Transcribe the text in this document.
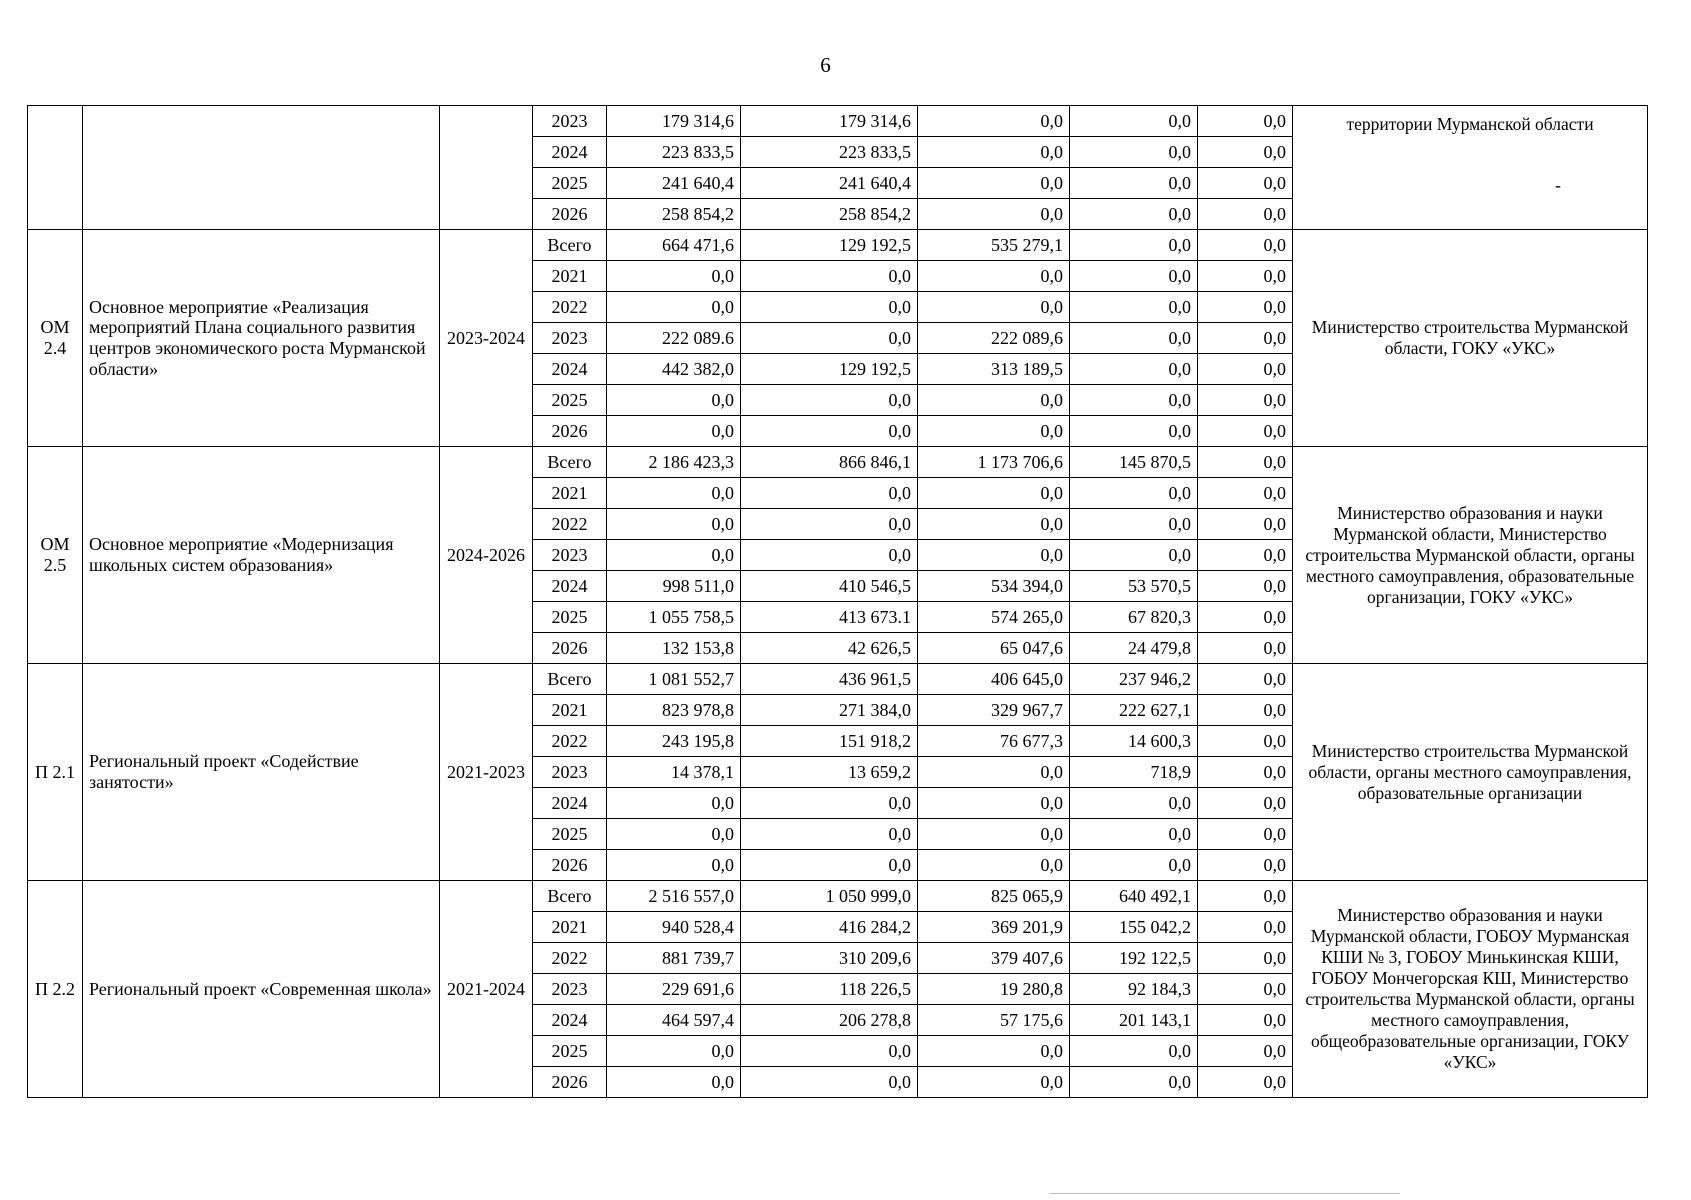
6
			2023	179 314,6	179 314,6	0,0	0,0	0,0	территории Мурманской области
-

			2024	223 833,5	223 833,5	0,0	0,0	0,0	
			2025	241 640,4	241 640,4	0,0	0,0	0,0	
			2026	258 854,2	258 854,2	0,0	0,0	0,0	
ОМ 2.4	Основное мероприятие «Реализация мероприятий Плана социального развития центров экономического роста Мурманской области»	2023-2024	Всего	664 471,6	129 192,5	535 279,1	0,0	0,0	Министерство строительства Мурманской области, ГОКУ «УКС»
			2021	0,0	0,0	0,0	0,0	0,0	
			2022	0,0	0,0	0,0	0,0	0,0	
			2023	222 089.6	0,0	222 089,6	0,0	0,0	
			2024	442 382,0	129 192,5	313 189,5	0,0	0,0	
			2025	0,0	0,0	0,0	0,0	0,0	
			2026	0,0	0,0	0,0	0,0	0,0	
ОМ 2.5	Основное мероприятие «Модернизация школьных систем образования»	2024-2026	Всего	2 186 423,3	866 846,1	1 173 706,6	145 870,5	0,0	Министерство образования и науки Мурманской области, Министерство строительства Мурманской области, органы местного самоуправления, образовательные организации, ГОКУ «УКС»
			2021	0,0	0,0	0,0	0,0	0,0	
			2022	0,0	0,0	0,0	0,0	0,0	
			2023	0,0	0,0	0,0	0,0	0,0	
			2024	998 511,0	410 546,5	534 394,0	53 570,5	0,0	
			2025	1 055 758,5	413 673.1	574 265,0	67 820,3	0,0	
			2026	132 153,8	42 626,5	65 047,6	24 479,8	0,0	
П 2.1	Региональный проект «Содействие занятости»	2021-2023	Всего	1 081 552,7	436 961,5	406 645,0	237 946,2	0,0	Министерство строительства Мурманской области, органы местного самоуправления, образовательные организации
			2021	823 978,8	271 384,0	329 967,7	222 627,1	0,0	
			2022	243 195,8	151 918,2	76 677,3	14 600,3	0,0	
			2023	14 378,1	13 659,2	0,0	718,9	0,0	
			2024	0,0	0,0	0,0	0,0	0,0	
			2025	0,0	0,0	0,0	0,0	0,0	
			2026	0,0	0,0	0,0	0,0	0,0	
П 2.2	Региональный проект «Современная школа»	2021-2024	Всего	2 516 557,0	1 050 999,0	825 065,9	640 492,1	0,0	Министерство образования и науки Мурманской области, ГОБОУ Мурманская КШИ № 3, ГОБОУ Минькинская КШИ, ГОБОУ Мончегорская КШ, Министерство строительства Мурманской области, органы местного самоуправления, общеобразовательные организации, ГОКУ «УКС»
			2021	940 528,4	416 284,2	369 201,9	155 042,2	0,0	
			2022	881 739,7	310 209,6	379 407,6	192 122,5	0,0	
			2023	229 691,6	118 226,5	19 280,8	92 184,3	0,0	
			2024	464 597,4	206 278,8	57 175,6	201 143,1	0,0	
			2025	0,0	0,0	0,0	0,0	0,0	
			2026	0,0	0,0	0,0	0,0	0,0	
